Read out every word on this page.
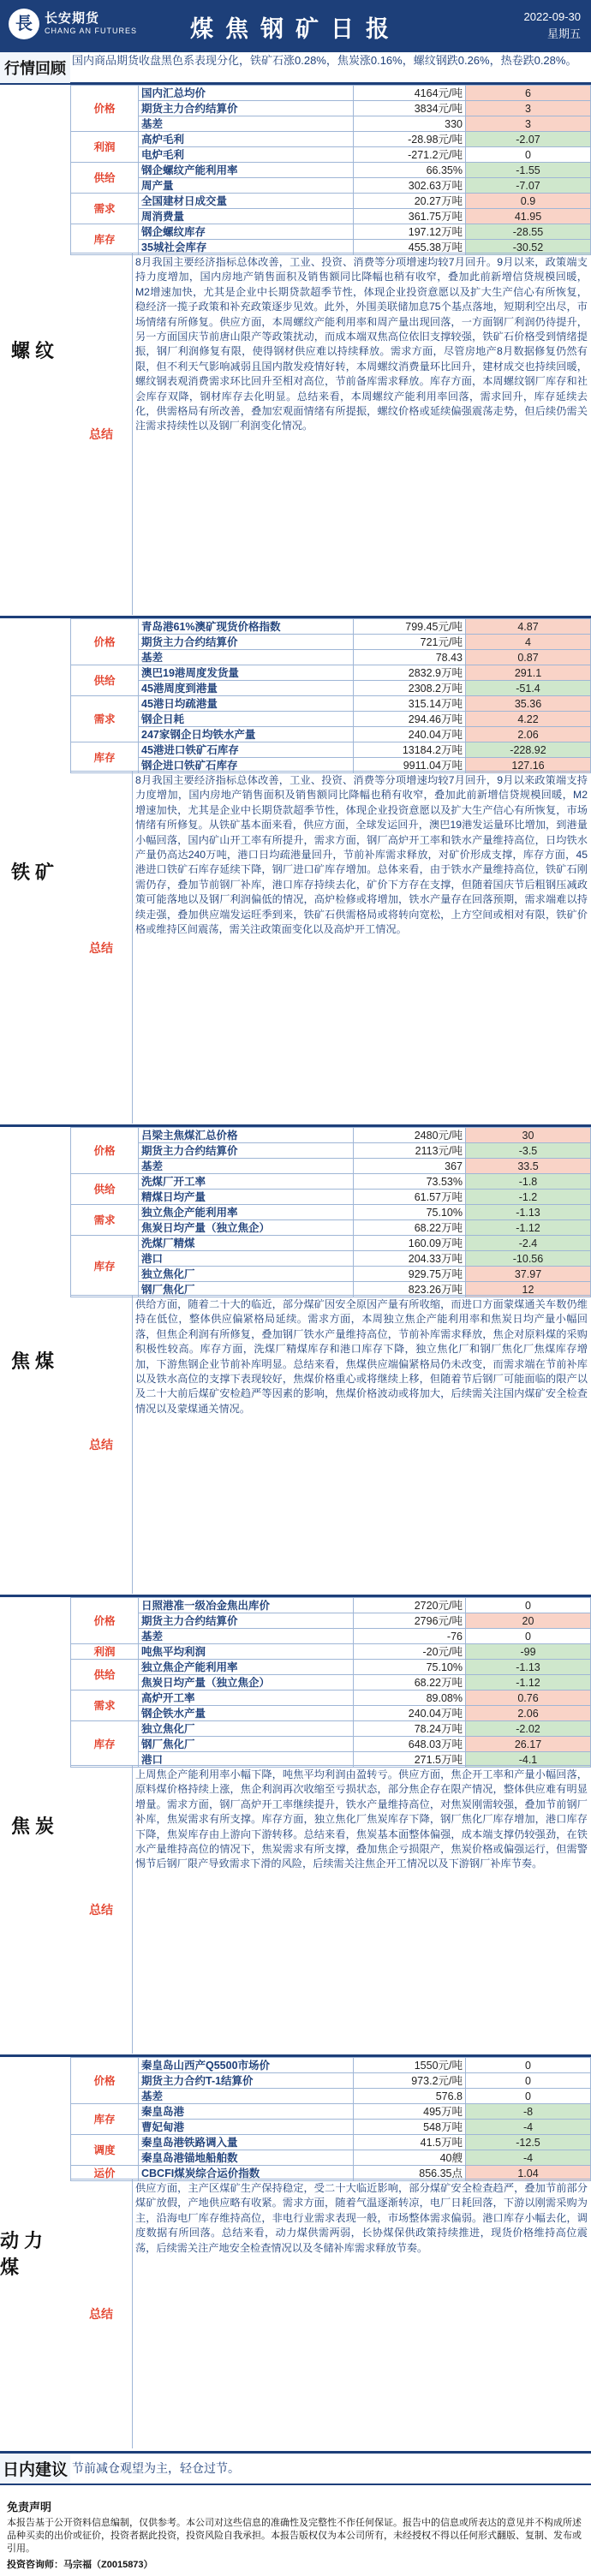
長 长安期货
CHANG AN FUTURES	煤焦钢矿日报	2022-09-30
星期五
螺纹
价格	国内汇总均价	4164元/吨	6
	期货主力合约结算价	3834元/吨	3
	基差	330	3
利润	高炉毛利	-28.98元/吨	-2.07
	电炉毛利	-271.2元/吨	0
供给	钢企螺纹产能利用率	66.35%	-1.55
	周产量	302.63万吨	-7.07
需求	全国建材日成交量	20.27万吨	0.9
	周消费量	361.75万吨	41.95
库存	钢企螺纹库存	197.12万吨	-28.55
	35城社会库存	455.38万吨	-30.52
总结
8月我国主要经济指标总体改善，工业、投资、消费等分项增速均较7月回升。9月以来，政策端支持力度增加，国内房地产销售面积及销售额同比降幅也稍有收窄，叠加此前新增信贷规模回暖，M2增速加快，尤其是企业中长期贷款超季节性，体现企业投资意愿以及扩大生产信心有所恢复，稳经济一揽子政策和补充政策逐步见效。此外，外围美联储加息75个基点落地，短期利空出尽，市场情绪有所修复。供应方面，本周螺纹产能利用率和周产量出现回落，一方面钢厂利润仍待提升，另一方面国庆节前唐山限产等政策扰动，而成本端双焦高位依旧支撑较强，铁矿石价格受到情绪提振，钢厂利润修复有限，使得钢材供应难以持续释放。需求方面，尽管房地产8月数据修复仍然有限，但不利天气影响减弱且国内散发疫情好转，本周螺纹消费量环比回升，建材成交也持续回暖，螺纹钢表观消费需求环比回升至相对高位，节前备库需求释放。库存方面，本周螺纹钢厂库存和社会库存双降，钢材库存去化明显。总结来看，本周螺纹产能利用率回落，需求回升，库存延续去化，供需格局有所改善，叠加宏观面情绪有所提振，螺纹价格或延续偏强震荡走势，但后续仍需关注需求持续性以及钢厂利润变化情况。
铁矿
价格	青岛港61%澳矿现货价格指数	799.45元/吨	4.87
	期货主力合约结算价	721元/吨	4
	基差	78.43	0.87
供给	澳巴19港周度发货量	2832.9万吨	291.1
	45港周度到港量	2308.2万吨	-51.4
需求	45港日均疏港量	315.14万吨	35.36
	钢企日耗	294.46万吨	4.22
	247家钢企日均铁水产量	240.04万吨	2.06
库存	45港进口铁矿石库存	13184.2万吨	-228.92
	钢企进口铁矿石库存	9911.04万吨	127.16
总结
8月我国主要经济指标总体改善，工业、投资、消费等分项增速均较7月回升，9月以来政策端支持力度增加，国内房地产销售面积及销售额同比降幅也稍有收窄，叠加此前新增信贷规模回暖，M2增速加快，尤其是企业中长期贷款超季节性，体现企业投资意愿以及扩大生产信心有所恢复，市场情绪有所修复。从铁矿基本面来看，供应方面，全球发运回升，澳巴19港发运量环比增加，到港量小幅回落，国内矿山开工率有所提升，需求方面，钢厂高炉开工率和铁水产量维持高位，日均铁水产量仍高达240万吨，港口日均疏港量回升，节前补库需求释放，对矿价形成支撑，库存方面，45港进口铁矿石库存延续下降，钢厂进口矿库存增加。总体来看，由于铁水产量维持高位，铁矿石刚需仍存，叠加节前钢厂补库，港口库存持续去化，矿价下方存在支撑，但随着国庆节后粗钢压减政策可能落地以及钢厂利润偏低的情况，高炉检修或将增加，铁水产量存在回落预期，需求端难以持续走强，叠加供应端发运旺季到来，铁矿石供需格局或将转向宽松，上方空间或相对有限，铁矿价格或维持区间震荡，需关注政策面变化以及高炉开工情况。
焦煤
价格	吕梁主焦煤汇总价格	2480元/吨	30
	期货主力合约结算价	2113元/吨	-3.5
	基差	367	33.5
供给	洗煤厂开工率	73.53%	-1.8
	精煤日均产量	61.57万吨	-1.2
需求	独立焦企产能利用率	75.10%	-1.13
	焦炭日均产量（独立焦企）	68.22万吨	-1.12
库存	洗煤厂精煤	160.09万吨	-2.4
	港口	204.33万吨	-10.56
	独立焦化厂	929.75万吨	37.97
	钢厂焦化厂	823.26万吨	12
总结
供给方面，随着二十大的临近，部分煤矿因安全原因产量有所收缩，而进口方面蒙煤通关车数仍维持在低位，整体供应偏紧格局延续。需求方面，本周独立焦企产能利用率和焦炭日均产量小幅回落，但焦企利润有所修复，叠加钢厂铁水产量维持高位，节前补库需求释放，焦企对原料煤的采购积极性较高。库存方面，洗煤厂精煤库存和港口库存下降，独立焦化厂和钢厂焦化厂焦煤库存增加，下游焦钢企业节前补库明显。总结来看，焦煤供应端偏紧格局仍未改变，而需求端在节前补库以及铁水高位的支撑下表现较好，焦煤价格重心或将继续上移，但随着节后钢厂可能面临的限产以及二十大前后煤矿安检趋严等因素的影响，焦煤价格波动或将加大，后续需关注国内煤矿安全检查情况以及蒙煤通关情况。
焦炭
价格	日照港准一级冶金焦出库价	2720元/吨	0
	期货主力合约结算价	2796元/吨	20
	基差	-76	0
利润	吨焦平均利润	-20元/吨	-99
供给	独立焦企产能利用率	75.10%	-1.13
	焦炭日均产量（独立焦企）	68.22万吨	-1.12
需求	高炉开工率	89.08%	0.76
	钢企铁水产量	240.04万吨	2.06
库存	独立焦化厂	78.24万吨	-2.02
	钢厂焦化厂	648.03万吨	26.17
	港口	271.5万吨	-4.1
总结
上周焦企产能利用率小幅下降，吨焦平均利润由盈转亏。供应方面，焦企开工率和产量小幅回落，原料煤价格持续上涨，焦企利润再次收缩至亏损状态，部分焦企存在限产情况，整体供应难有明显增量。需求方面，钢厂高炉开工率继续提升，铁水产量维持高位，对焦炭刚需较强，叠加节前钢厂补库，焦炭需求有所支撑。库存方面，独立焦化厂焦炭库存下降，钢厂焦化厂库存增加，港口库存下降，焦炭库存由上游向下游转移。总结来看，焦炭基本面整体偏强，成本端支撑仍较强劲，在铁水产量维持高位的情况下，焦炭需求有所支撑，叠加焦企亏损限产，焦炭价格或偏强运行，但需警惕节后钢厂限产导致需求下滑的风险，后续需关注焦企开工情况以及下游钢厂补库节奏。
动力煤
价格	秦皇岛山西产Q5500市场价	1550元/吨	0
	期货主力合约T-1结算价	973.2元/吨	0
	基差	576.8	0
库存	秦皇岛港	495万吨	-8
	曹妃甸港	548万吨	-4
调度	秦皇岛港铁路调入量	41.5万吨	-12.5
	秦皇岛港锚地船舶数	40艘	-4
运价	CBCFI煤炭综合运价指数	856.35点	1.04
总结
供应方面，主产区煤矿生产保持稳定，受二十大临近影响，部分煤矿安全检查趋严，叠加节前部分煤矿放假，产地供应略有收紧。需求方面，随着气温逐渐转凉，电厂日耗回落，下游以刚需采购为主，沿海电厂库存维持高位，非电行业需求表现一般，市场整体需求偏弱。港口库存小幅去化，调度数据有所回落。总结来看，动力煤供需两弱，长协煤保供政策持续推进，现货价格维持高位震荡，后续需关注产地安全检查情况以及冬储补库需求释放节奏。
日内建议 节前减仓观望为主，轻仓过节。
免责声明
本报告基于公开资料信息编制，仅供参考。本公司对这些信息的准确性及完整性不作任何保证。报告中的信息或所表达的意见并不构成所述品种买卖的出价或征价，投资者据此投资，投资风险自我承担。本报告版权仅为本公司所有，未经授权不得以任何形式翻版、复制、发布或引用。
投资咨询师：马宗福（Z0015873）
行情回顾 国内商品期货收盘黑色系表现分化，铁矿石涨0.28%，焦炭涨0.16%，螺纹钢跌0.26%，热卷跌0.28%。
